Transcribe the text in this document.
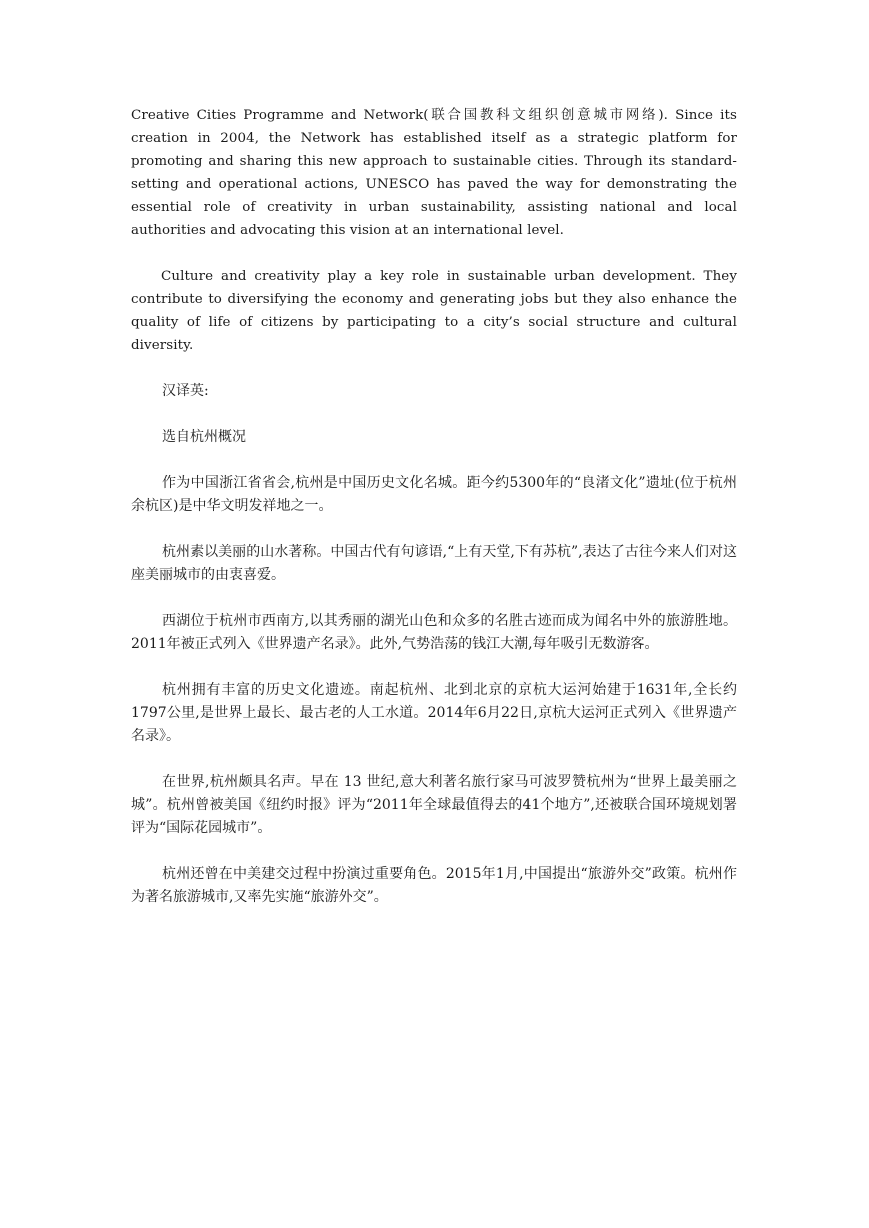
Creative Cities Programme and Network(联合国教科文组织创意城市网络). Since its creation in 2004, the Network has established itself as a strategic platform for promoting and sharing this new approach to sustainable cities. Through its standard-setting and operational actions, UNESCO has paved the way for demonstrating the essential role of creativity in urban sustainability, assisting national and local authorities and advocating this vision at an international level.

Culture and creativity play a key role in sustainable urban development. They contribute to diversifying the economy and generating jobs but they also enhance the quality of life of citizens by participating to a city’s social structure and cultural diversity.

汉译英:

选自杭州概况

作为中国浙江省省会,杭州是中国历史文化名城。距今约5300年的“良渚文化”遗址(位于杭州余杭区)是中华文明发祥地之一。

杭州素以美丽的山水著称。中国古代有句谚语,“上有天堂,下有苏杭”,表达了古往今来人们对这座美丽城市的由衷喜爱。

西湖位于杭州市西南方,以其秀丽的湖光山色和众多的名胜古迹而成为闻名中外的旅游胜地。2011年被正式列入《世界遗产名录》。此外,气势浩荡的钱江大潮,每年吸引无数游客。

杭州拥有丰富的历史文化遗迹。南起杭州、北到北京的京杭大运河始建于1631年,全长约1797公里,是世界上最长、最古老的人工水道。2014年6月22日,京杭大运河正式列入《世界遗产名录》。

在世界,杭州颇具名声。早在 13 世纪,意大利著名旅行家马可波罗赞杭州为“世界上最美丽之城”。杭州曾被美国《纽约时报》评为“2011年全球最值得去的41个地方”,还被联合国环境规划署评为“国际花园城市”。

杭州还曾在中美建交过程中扮演过重要角色。2015年1月,中国提出“旅游外交”政策。杭州作为著名旅游城市,又率先实施“旅游外交”。
